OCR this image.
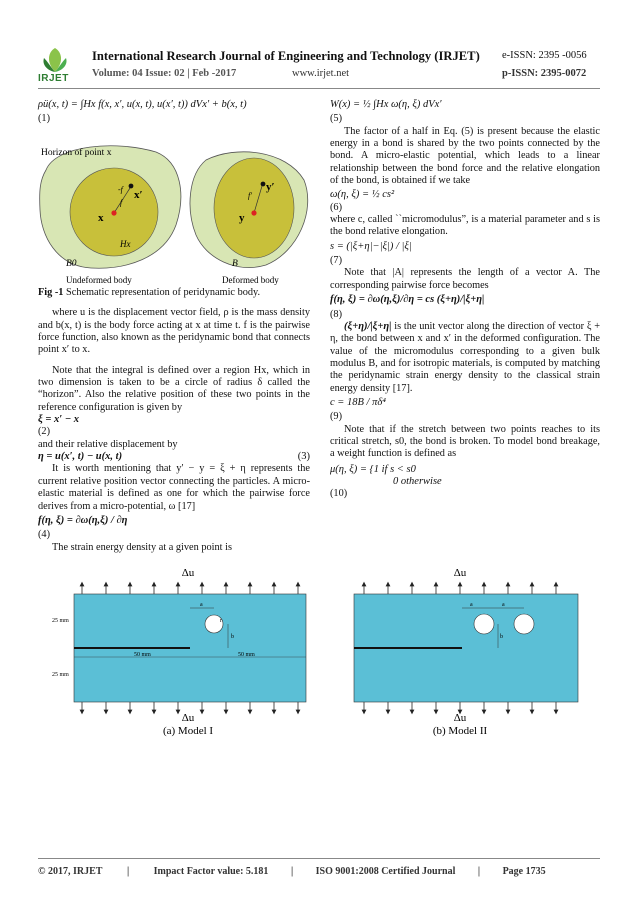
IRJET
International Research Journal of Engineering and Technology (IRJET) e-ISSN: 2395 -0056
Volume: 04 Issue: 02 | Feb -2017	www.irjet.net	p-ISSN: 2395-0072

ρü(x, t) = ∫Hx f(x, x′, u(x, t), u(x′, t)) dVx′ + b(x, t)

(1)

Horizon of point x
x
x′
-f
f
Hx
y
y′
f′
B0	B
Undeformed body	Deformed body

Fig -1 Schematic representation of peridynamic body.

where u is the displacement vector field, ρ is the mass density and b(x, t) is the body force acting at x at time t. f is the pairwise force function, also known as the peridynamic bond that connects point x′ to x.

Note that the integral is defined over a region Hx, which in two dimension is taken to be a circle of radius δ called the “horizon”. Also the relative position of these two points in the reference configuration is given by

ξ = x′ − x

(2)

and their relative displacement by

η = u(x′, t) − u(x, t)	(3)

It is worth mentioning that y′ − y = ξ + η represents the current relative position vector connecting the particles. A micro-elastic material is defined as one for which the pairwise force derives from a micro-potential, ω [17]

f(η, ξ) = ∂ω(η,ξ) / ∂η

(4)

The strain energy density at a given point is

W(x) = ½ ∫Hx ω(η, ξ) dVx′

(5)

The factor of a half in Eq. (5) is present because the elastic energy in a bond is shared by the two points connected by the bond. A micro-elastic potential, which leads to a linear relationship between the bond force and the relative elongation of the bond, is obtained if we take

ω(η, ξ) = ½ cs²

(6)

where c, called ``micromodulus”, is a material parameter and s is the bond relative elongation.

s = (|ξ+η|−|ξ|) / |ξ|

(7)

Note that |A| represents the length of a vector A. The corresponding pairwise force becomes

f(η, ξ) = ∂ω(η,ξ)/∂η = cs (ξ+η)/|ξ+η|

(8)

(ξ+η)/|ξ+η| is the unit vector along the direction of vector ξ + η, the bond between x and x′ in the deformed configuration. The value of the micromodulus corresponding to a given bulk modulus B, and for isotropic materials, is computed by matching the peridynamic strain energy density to the classical strain energy density [17].

c = 18B / πδ⁴

(9)

Note that if the stretch between two points reaches to its critical stretch, s0, the bond is broken. To model bond breakage, a weight function is defined as

μ(η, ξ) = {1 if s < s0

0 otherwise

(10)

Δu
r
a
b
50 mm	50 mm
25 mm
25 mm
Δu
(a) Model I
Δu
a	a
b
Δu
(b) Model II
© 2017, IRJET | Impact Factor value: 5.181 | ISO 9001:2008 Certified Journal | Page 1735
